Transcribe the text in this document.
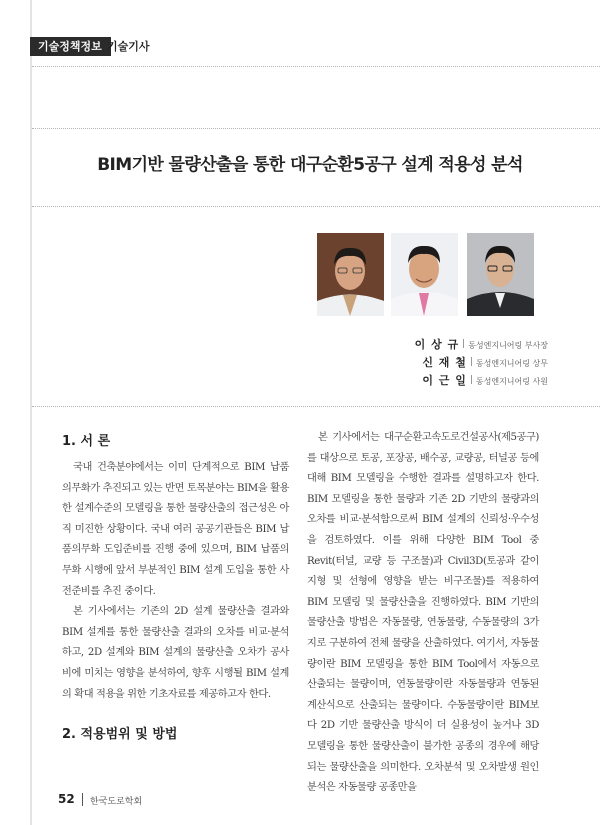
기술정책정보 기술기사
BIM기반 물량산출을 통한 대구순환5공구 설계 적용성 분석
이 상 규 동성엔지니어링 부사장
신 재 철 동성엔지니어링 상무
이 근 일 동성엔지니어링 사원
1. 서 론

국내 건축분야에서는 이미 단계적으로 BIM 납품 의무화가 추진되고 있는 반면 토목분야는 BIM을 활용한 설계수준의 모델링을 통한 물량산출의 접근성은 아직 미진한 상황이다. 국내 여러 공공기관들은 BIM 납품의무화 도입준비를 진행 중에 있으며, BIM 납품의무화 시행에 앞서 부분적인 BIM 설계 도입을 통한 사전준비를 추진 중이다.

본 기사에서는 기존의 2D 설계 물량산출 결과와 BIM 설계를 통한 물량산출 결과의 오차를 비교·분석하고, 2D 설계와 BIM 설계의 물량산출 오차가 공사비에 미치는 영향을 분석하여, 향후 시행될 BIM 설계의 확대 적용을 위한 기초자료를 제공하고자 한다.

2. 적용범위 및 방법

본 기사에서는 대구순환고속도로건설공사(제5공구)를 대상으로 토공, 포장공, 배수공, 교량공, 터널공 등에 대해 BIM 모델링을 수행한 결과를 설명하고자 한다. BIM 모델링을 통한 물량과 기존 2D 기반의 물량과의 오차를 비교·분석함으로써 BIM 설계의 신뢰성·우수성을 검토하였다. 이를 위해 다양한 BIM Tool 중 Revit(터널, 교량 등 구조물)과 Civil3D(토공과 같이 지형 및 선형에 영향을 받는 비구조물)를 적용하여 BIM 모델링 및 물량산출을 진행하였다. BIM 기반의 물량산출 방법은 자동물량, 연동물량, 수동물량의 3가지로 구분하여 전체 물량을 산출하였다. 여기서, 자동물량이란 BIM 모델링을 통한 BIM Tool에서 자동으로 산출되는 물량이며, 연동물량이란 자동물량과 연동된 계산식으로 산출되는 물량이다. 수동물량이란 BIM보다 2D 기반 물량산출 방식이 더 실용성이 높거나 3D 모델링을 통한 물량산출이 불가한 공종의 경우에 해당되는 물량산출을 의미한다. 오차분석 및 오차발생 원인분석은 자동물량 공종만을

52 한국도로학회
